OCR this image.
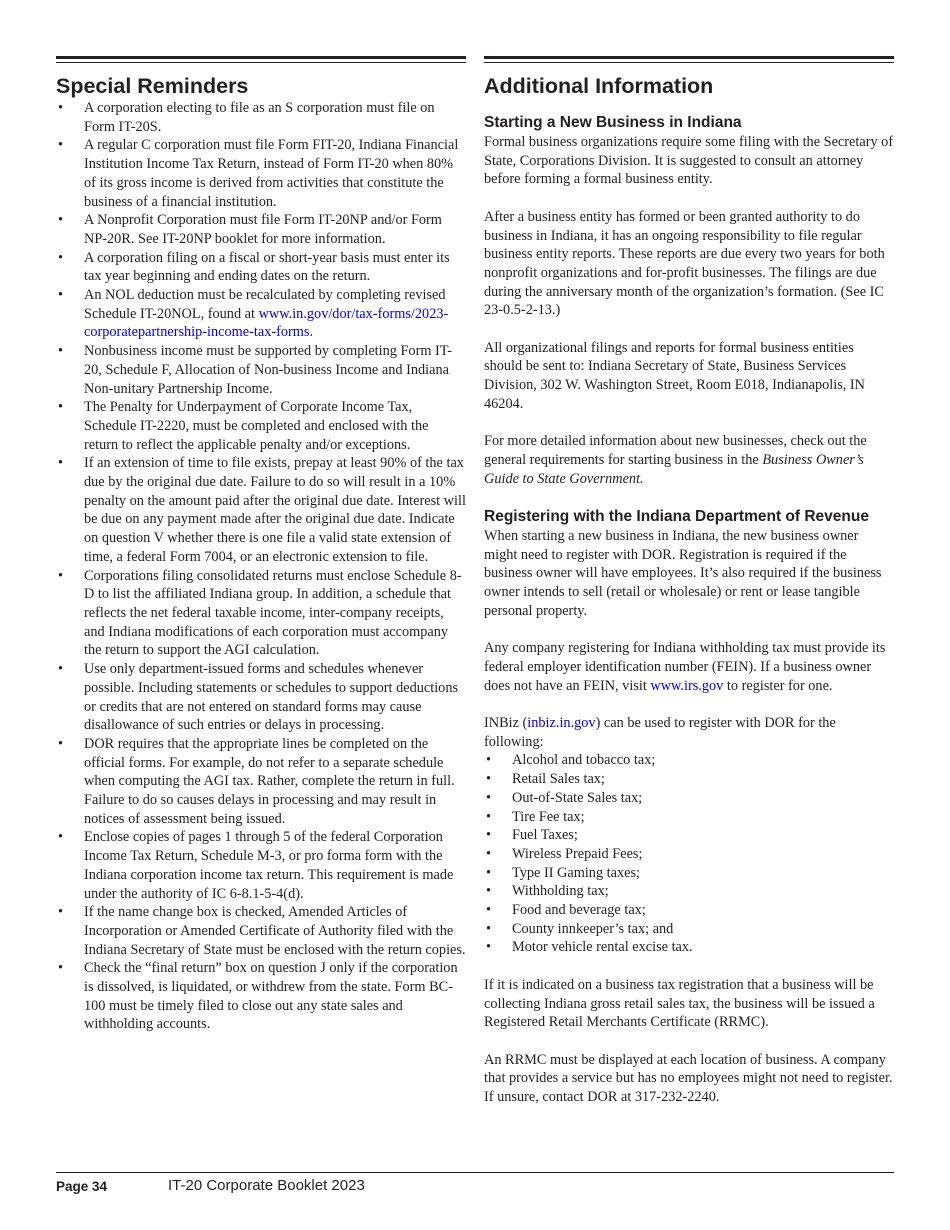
Special Reminders
• A corporation electing to file as an S corporation must file on Form IT-20S.
• A regular C corporation must file Form FIT-20, Indiana Financial Institution Income Tax Return, instead of Form IT-20 when 80% of its gross income is derived from activities that constitute the business of a financial institution.
• A Nonprofit Corporation must file Form IT-20NP and/or Form NP-20R. See IT-20NP booklet for more information.
• A corporation filing on a fiscal or short-year basis must enter its tax year beginning and ending dates on the return.
• An NOL deduction must be recalculated by completing revised Schedule IT-20NOL, found at www.in.gov/dor/tax-forms/2023-corporatepartnership-income-tax-forms.
• Nonbusiness income must be supported by completing Form IT-20, Schedule F, Allocation of Non-business Income and Indiana Non-unitary Partnership Income.
• The Penalty for Underpayment of Corporate Income Tax, Schedule IT-2220, must be completed and enclosed with the return to reflect the applicable penalty and/or exceptions.
• If an extension of time to file exists, prepay at least 90% of the tax due by the original due date. Failure to do so will result in a 10% penalty on the amount paid after the original due date. Interest will be due on any payment made after the original due date. Indicate on question V whether there is one file a valid state extension of time, a federal Form 7004, or an electronic extension to file.
• Corporations filing consolidated returns must enclose Schedule 8-D to list the affiliated Indiana group. In addition, a schedule that reflects the net federal taxable income, inter-company receipts, and Indiana modifications of each corporation must accompany the return to support the AGI calculation.
• Use only department-issued forms and schedules whenever possible. Including statements or schedules to support deductions or credits that are not entered on standard forms may cause disallowance of such entries or delays in processing.
• DOR requires that the appropriate lines be completed on the official forms. For example, do not refer to a separate schedule when computing the AGI tax. Rather, complete the return in full. Failure to do so causes delays in processing and may result in notices of assessment being issued.
• Enclose copies of pages 1 through 5 of the federal Corporation Income Tax Return, Schedule M-3, or pro forma form with the Indiana corporation income tax return. This requirement is made under the authority of IC 6-8.1-5-4(d).
• If the name change box is checked, Amended Articles of Incorporation or Amended Certificate of Authority filed with the Indiana Secretary of State must be enclosed with the return copies.
• Check the “final return” box on question J only if the corporation is dissolved, is liquidated, or withdrew from the state. Form BC-100 must be timely filed to close out any state sales and withholding accounts.
Additional Information
Starting a New Business in Indiana

Formal business organizations require some filing with the Secretary of State, Corporations Division. It is suggested to consult an attorney before forming a formal business entity.

After a business entity has formed or been granted authority to do business in Indiana, it has an ongoing responsibility to file regular business entity reports. These reports are due every two years for both nonprofit organizations and for-profit businesses. The filings are due during the anniversary month of the organization’s formation. (See IC 23-0.5-2-13.)

All organizational filings and reports for formal business entities should be sent to: Indiana Secretary of State, Business Services Division, 302 W. Washington Street, Room E018, Indianapolis, IN 46204.

For more detailed information about new businesses, check out the general requirements for starting business in the Business Owner’s Guide to State Government.

Registering with the Indiana Department of Revenue

When starting a new business in Indiana, the new business owner might need to register with DOR. Registration is required if the business owner will have employees. It’s also required if the business owner intends to sell (retail or wholesale) or rent or lease tangible personal property.

Any company registering for Indiana withholding tax must provide its federal employer identification number (FEIN). If a business owner does not have an FEIN, visit www.irs.gov to register for one.

INBiz (inbiz.in.gov) can be used to register with DOR for the following:
• Alcohol and tobacco tax;
• Retail Sales tax;
• Out-of-State Sales tax;
• Tire Fee tax;
• Fuel Taxes;
• Wireless Prepaid Fees;
• Type II Gaming taxes;
• Withholding tax;
• Food and beverage tax;
• County innkeeper’s tax; and
• Motor vehicle rental excise tax.

If it is indicated on a business tax registration that a business will be collecting Indiana gross retail sales tax, the business will be issued a Registered Retail Merchants Certificate (RRMC).

An RRMC must be displayed at each location of business. A company that provides a service but has no employees might not need to register. If unsure, contact DOR at 317-232-2240.

Page 34	IT-20 Corporate Booklet 2023
